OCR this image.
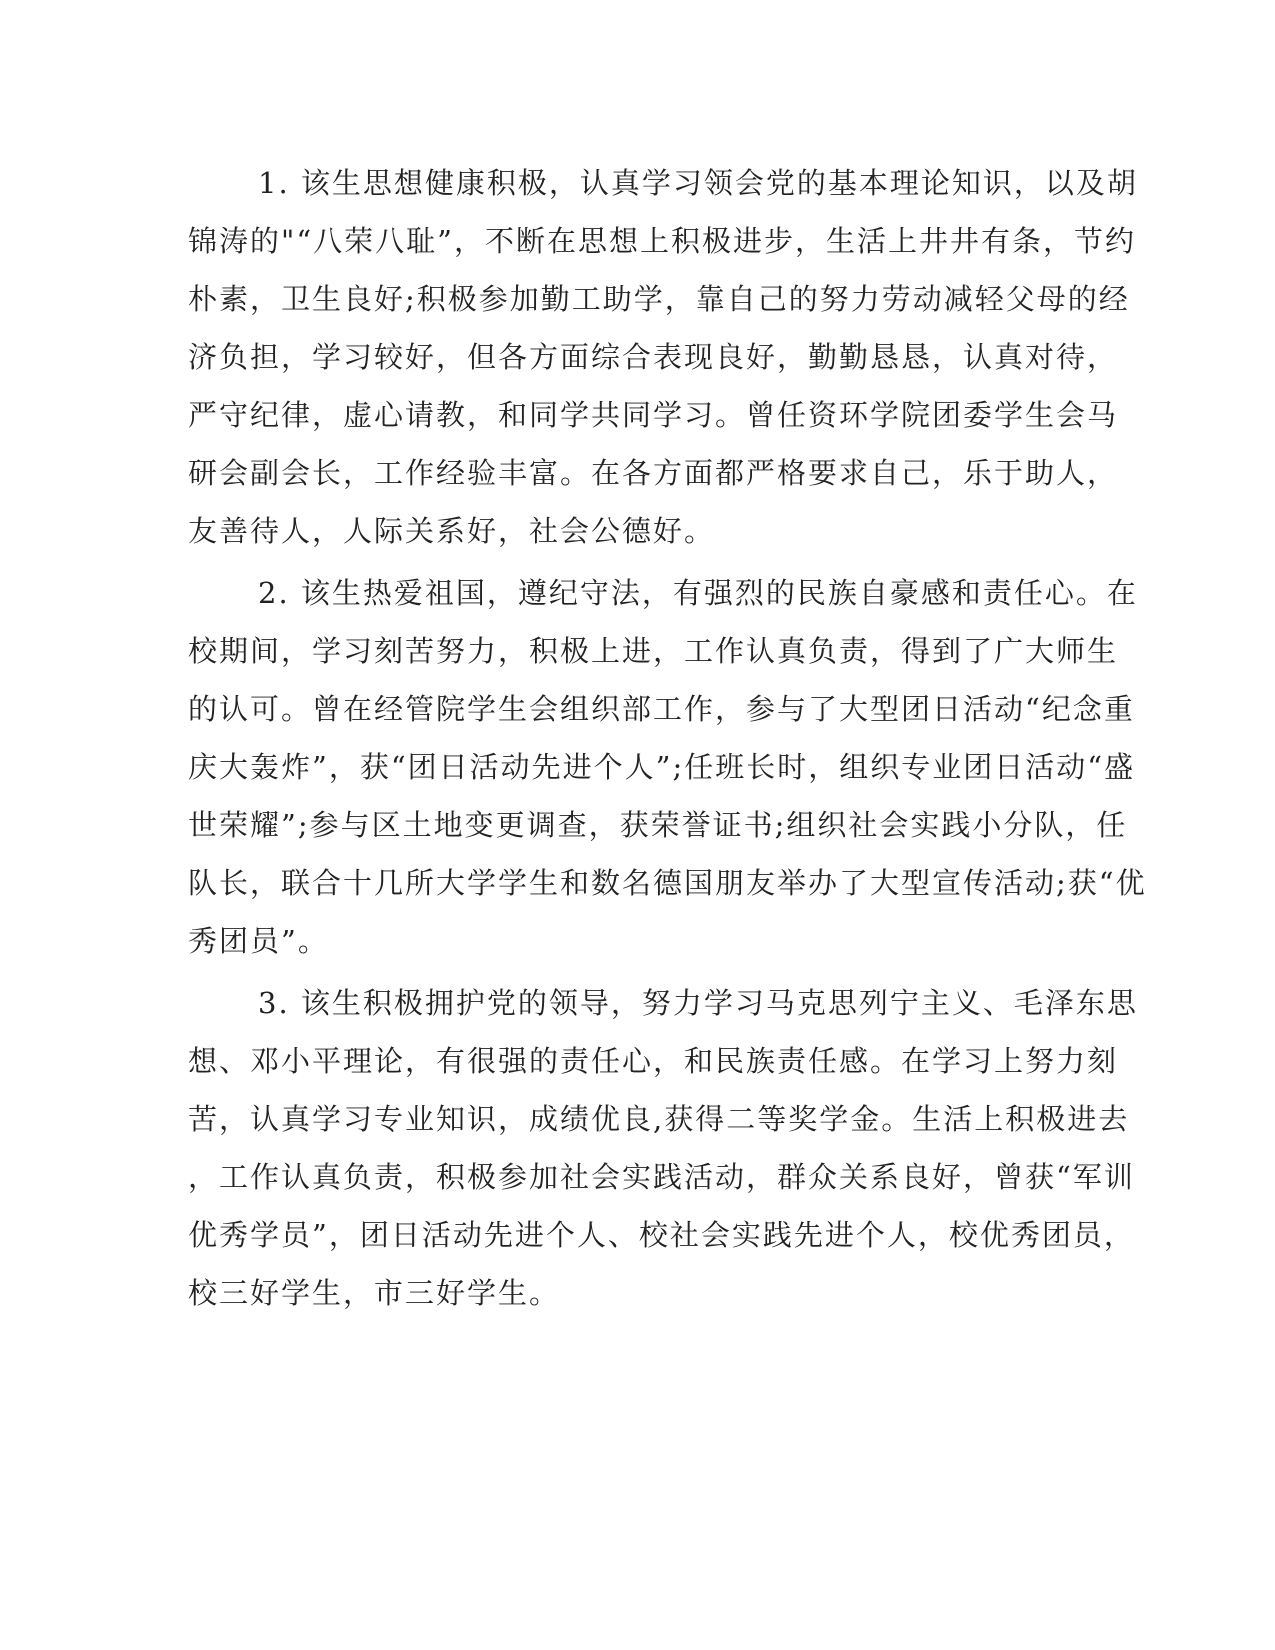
1. 该生思想健康积极，认真学习领会党的基本理论知识，以及胡
锦涛的"“八荣八耻”，不断在思想上积极进步，生活上井井有条，节约
朴素，卫生良好;积极参加勤工助学，靠自己的努力劳动减轻父母的经
济负担，学习较好，但各方面综合表现良好，勤勤恳恳，认真对待，
严守纪律，虚心请教，和同学共同学习。曾任资环学院团委学生会马
研会副会长，工作经验丰富。在各方面都严格要求自己，乐于助人，
友善待人，人际关系好，社会公德好。
2. 该生热爱祖国，遵纪守法，有强烈的民族自豪感和责任心。在
校期间，学习刻苦努力，积极上进，工作认真负责，得到了广大师生
的认可。曾在经管院学生会组织部工作，参与了大型团日活动“纪念重
庆大轰炸”，获“团日活动先进个人”;任班长时，组织专业团日活动“盛
世荣耀”;参与区土地变更调查，获荣誉证书;组织社会实践小分队，任
队长，联合十几所大学学生和数名德国朋友举办了大型宣传活动;获“优
秀团员”。
3. 该生积极拥护党的领导，努力学习马克思列宁主义、毛泽东思
想、邓小平理论，有很强的责任心，和民族责任感。在学习上努力刻
苦，认真学习专业知识，成绩优良,获得二等奖学金。生活上积极进去
，工作认真负责，积极参加社会实践活动，群众关系良好，曾获“军训
优秀学员”，团日活动先进个人、校社会实践先进个人，校优秀团员，
校三好学生，市三好学生。
